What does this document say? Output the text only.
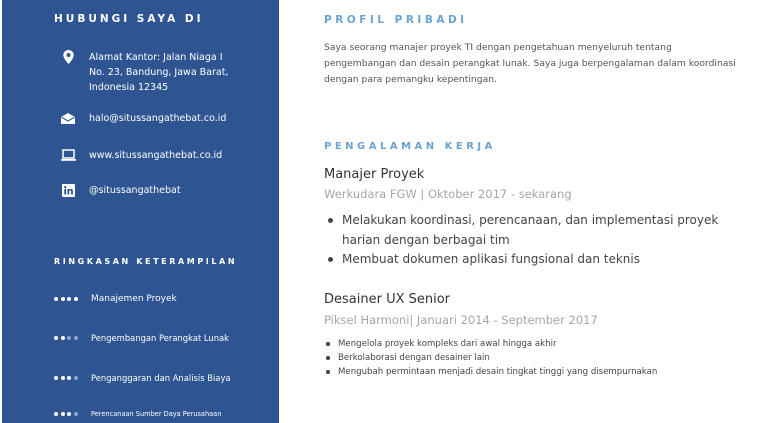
HUBUNGI SAYA DI
Alamat Kantor: Jalan Niaga I
No. 23, Bandung, Jawa Barat,
Indonesia 12345
halo@situssangathebat.co.id
www.situssangathebat.co.id
@situssangathebat
RINGKASAN KETERAMPILAN
Manajemen Proyek
Pengembangan Perangkat Lunak
Penganggaran dan Analisis Biaya
Perencanaan Sumber Daya Perusahaan
PROFIL PRIBADI
Saya seorang manajer proyek TI dengan pengetahuan menyeluruh tentang pengembangan dan desain perangkat lunak. Saya juga berpengalaman dalam koordinasi dengan para pemangku kepentingan.
PENGALAMAN KERJA
Manajer Proyek
Werkudara FGW | Oktober 2017 - sekarang
Melakukan koordinasi, perencanaan, dan implementasi proyek harian dengan berbagai tim
Membuat dokumen aplikasi fungsional dan teknis
Desainer UX Senior
Piksel Harmoni| Januari 2014 - September 2017
Mengelola proyek kompleks dari awal hingga akhir
Berkolaborasi dengan desainer lain
Mengubah permintaan menjadi desain tingkat tinggi yang disempurnakan
